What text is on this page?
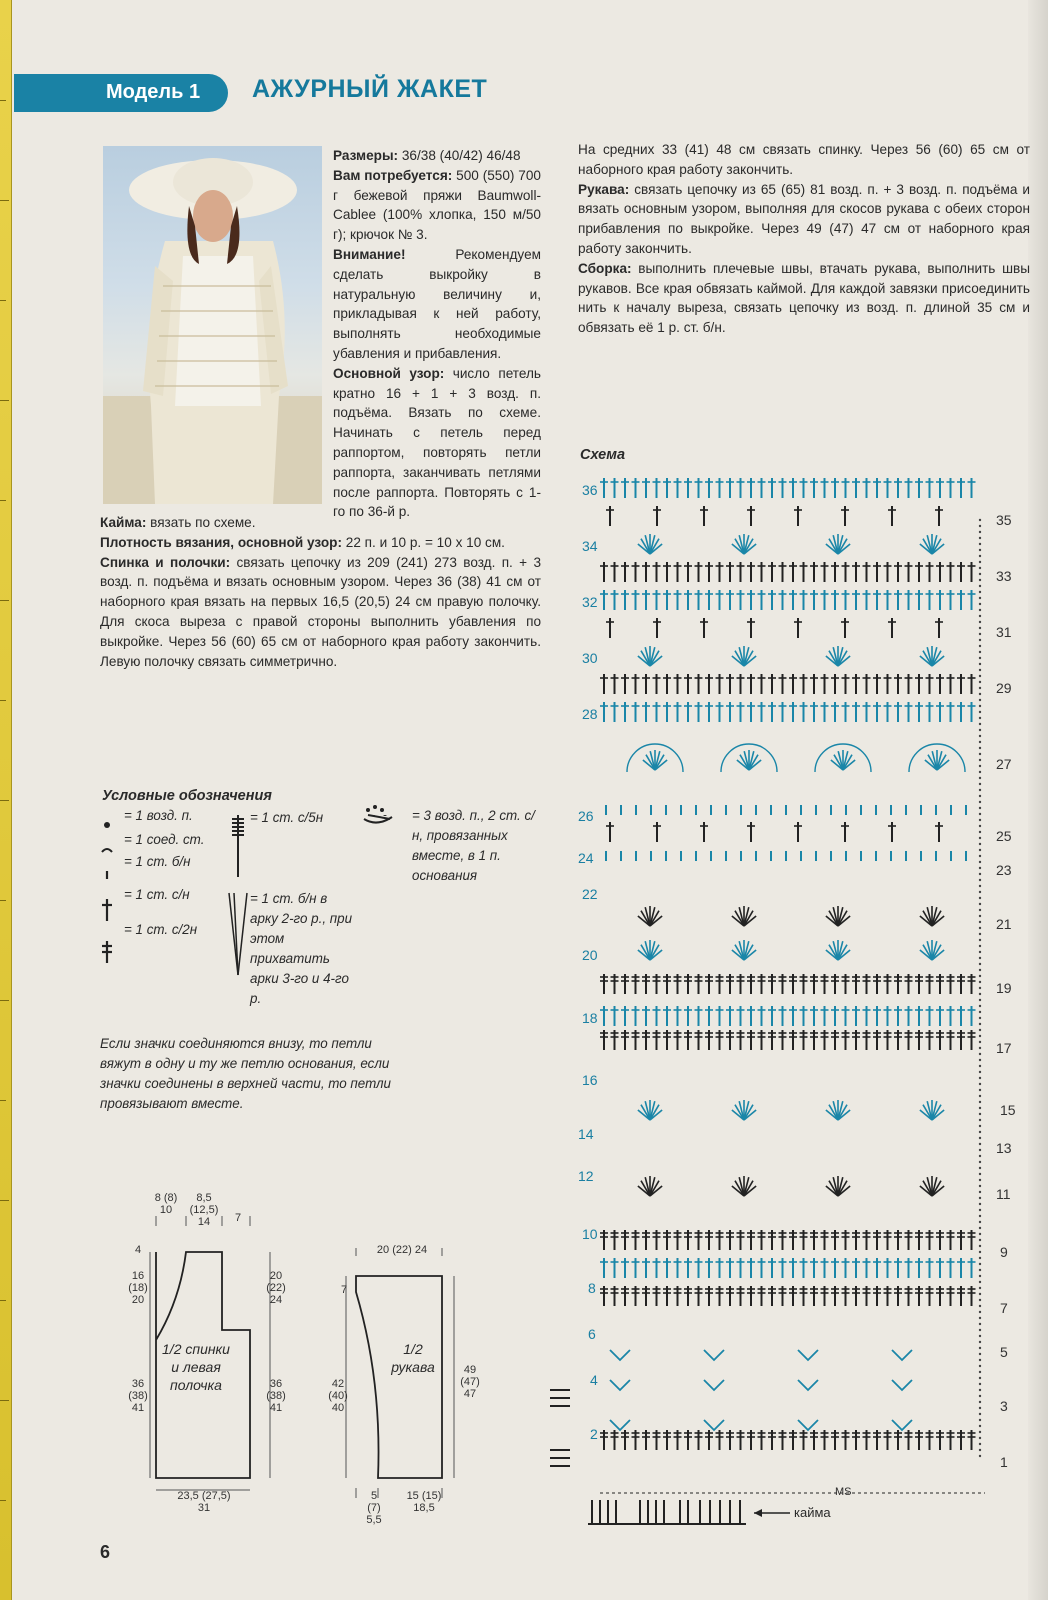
Модель 1 АЖУРНЫЙ ЖАКЕТ

Размеры: 36/38 (40/42) 46/48

Вам потребуется: 500 (550) 700 г бежевой пряжи Baumwoll-Cablee (100% хлопка, 150 м/50 г); крючок № 3.

Внимание! Рекомендуем сделать выкройку в натуральную величину и, прикладывая к ней работу, выполнять необходимые убавления и прибавления.

Основной узор: число петель кратно 16 + 1 + 3 возд. п. подъёма. Вязать по схеме. Начинать с петель перед раппортом, повторять петли раппорта, заканчивать петлями после раппорта. Повторять с 1-го по 36-й р.

Кайма: вязать по схеме.

Плотность вязания, основной узор: 22 п. и 10 р. = 10 х 10 см.

Спинка и полочки: связать цепочку из 209 (241) 273 возд. п. + 3 возд. п. подъёма и вязать основным узором. Через 36 (38) 41 см от наборного края вязать на первых 16,5 (20,5) 24 см правую полочку. Для скоса выреза с правой стороны выполнить убавления по выкройке. Через 56 (60) 65 см от наборного края работу закончить. Левую полочку связать симметрично.

На средних 33 (41) 48 см связать спинку. Через 56 (60) 65 см от наборного края работу закончить.

Рукава: связать цепочку из 65 (65) 81 возд. п. + 3 возд. п. подъёма и вязать основным узором, выполняя для скосов рукава с обеих сторон прибавления по выкройке. Через 49 (47) 47 см от наборного края работу закончить.

Сборка: выполнить плечевые швы, втачать рукава, выполнить швы рукавов. Все края обвязать каймой. Для каждой завязки присоединить нить к началу выреза, связать цепочку из возд. п. длиной 35 см и обвязать её 1 р. ст. б/н.

Условные обозначения
= 1 возд. п.
= 1 соед. ст.
= 1 ст. б/н
= 1 ст. с/н
= 1 ст. с/2н
= 1 ст. с/5н
= 1 ст. б/н в арку 2-го р., при этом прихватить арки 3-го и 4-го р.
= 3 возд. п., 2 ст. с/н, провязанных вместе, в 1 п. основания
Если значки соединяются внизу, то петли вяжут в одну и ту же петлю основания, если значки соединены в верхней части, то петли провязывают вместе.
Схема
36
34
32
30
28
26
24
22
20
18
16
14
12
10
8
6
4
2
35
33
31
29
27
25
23
21
19
17
15
13
11
9
7
5
3
1
MS
кайма
1/2 спинки и левая полочка
8 (8) 10
8,5 (12,5) 14	7
4
16 (18) 20
36 (38) 41
20 (22) 24
36 (38) 41
23,5 (27,5) 31
20 (22) 24
1/2 рукава
7
42 (40) 40
49 (47) 47
5 (7) 5,5
15 (15) 18,5
6
